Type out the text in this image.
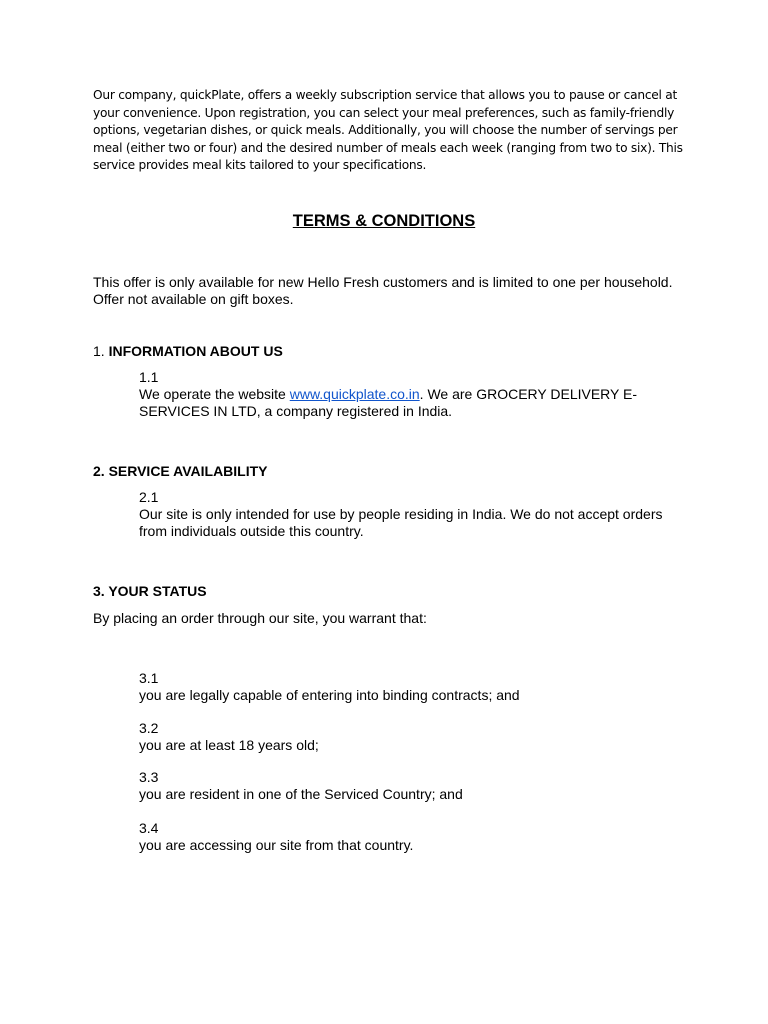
Our company, quickPlate, offers a weekly subscription service that allows you to pause or cancel at your convenience. Upon registration, you can select your meal preferences, such as family-friendly options, vegetarian dishes, or quick meals. Additionally, you will choose the number of servings per meal (either two or four) and the desired number of meals each week (ranging from two to six). This service provides meal kits tailored to your specifications.

TERMS & CONDITIONS

This offer is only available for new Hello Fresh customers and is limited to one per household. Offer not available on gift boxes.

1. INFORMATION ABOUT US
1.1
We operate the website www.quickplate.co.in. We are GROCERY DELIVERY E-SERVICES IN LTD, a company registered in India.
2. SERVICE AVAILABILITY
2.1
Our site is only intended for use by people residing in India. We do not accept orders from individuals outside this country.
3. YOUR STATUS

By placing an order through our site, you warrant that:

3.1
you are legally capable of entering into binding contracts; and
3.2
you are at least 18 years old;
3.3
you are resident in one of the Serviced Country; and
3.4
you are accessing our site from that country.
